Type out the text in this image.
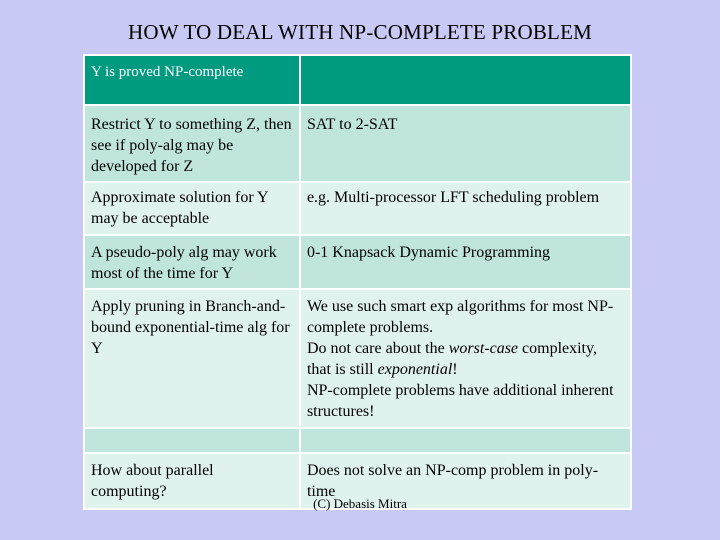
HOW TO DEAL WITH NP-COMPLETE PROBLEM
Y is proved NP-complete	
Restrict Y to something Z, then see if poly-alg may be developed for Z	SAT to 2-SAT
Approximate solution for Y may be acceptable	e.g. Multi-processor LFT scheduling problem
A pseudo-poly alg may work most of the time for Y	0-1 Knapsack Dynamic Programming
Apply pruning in Branch-and-bound exponential-time alg for Y	We use such smart exp algorithms for most NP-complete problems.
Do not care about the worst-case complexity, that is still exponential!
NP-complete problems have additional inherent structures!

How about parallel computing?	Does not solve an NP-comp problem in poly-time
(C) Debasis Mitra
